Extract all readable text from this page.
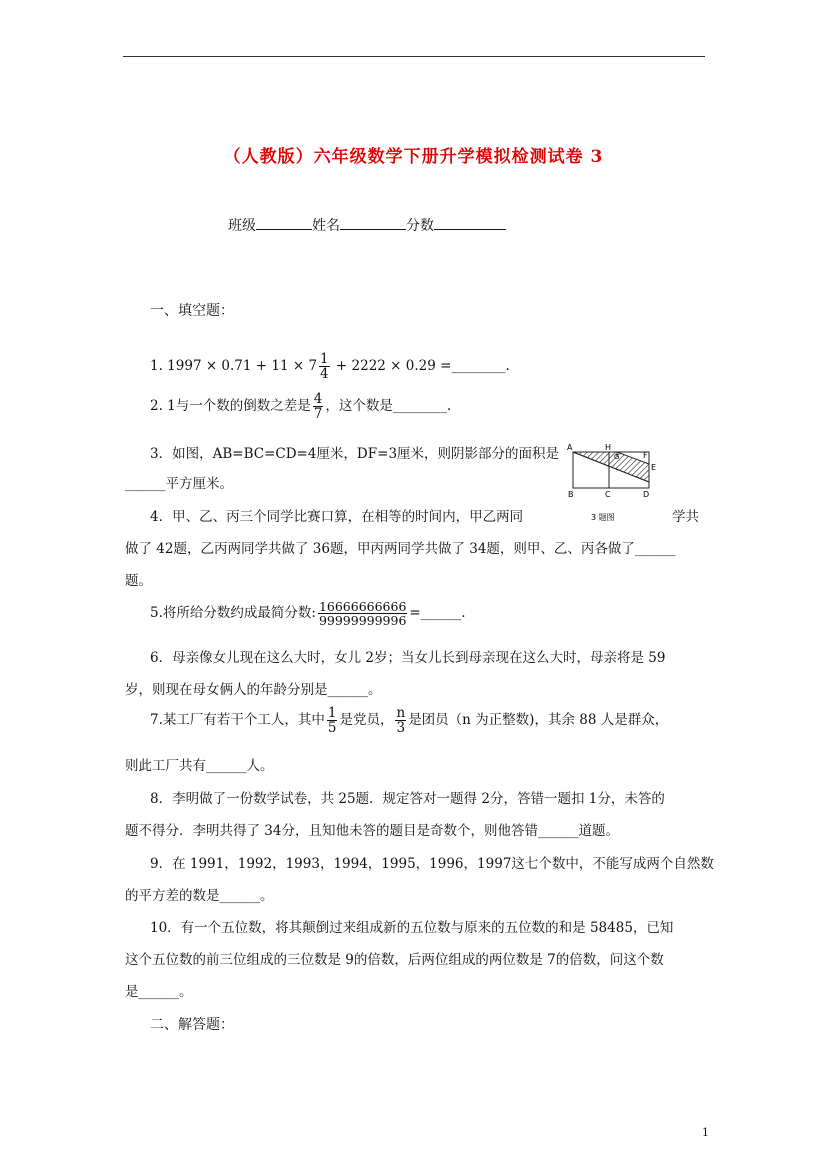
（人教版）六年级数学下册升学模拟检测试卷 3
班级	姓名	分数
一、填空题：
1. $1997 \times 0.71 + 11 \times 7 \frac{1}{4} + 2222 \times 0.29$ =________.
2. 1与一个数的倒数之差是 $\frac{4}{7}$ ，这个数是________.
3．如图，AB=BC=CD=4厘米，DF=3厘米，则阴影部分的面积是
______平方厘米。
A	H
G	F
E
B	C	D
3 题图
4．甲、乙、丙三个同学比赛口算，在相等的时间内，甲乙两同	学共
做了 42题，乙丙两同学共做了 36题，甲丙两同学共做了 34题，则甲、乙、丙各做了______
题。
5.将所给分数约成最简分数: $\frac{16666666666}{99999999996}$ =______.
6．母亲像女儿现在这么大时，女儿 2岁；当女儿长到母亲现在这么大时，母亲将是 59
岁，则现在母女俩人的年龄分别是______。
7.某工厂有若干个工人，其中 $\frac{1}{5}$ 是党员， $\frac{n}{3}$ 是团员（n 为正整数)，其余 88 人是群众，
则此工厂共有______人。
8．李明做了一份数学试卷，共 25题．规定答对一题得 2分，答错一题扣 1分，未答的
题不得分．李明共得了 34分，且知他未答的题目是奇数个，则他答错______道题。
9．在 1991，1992，1993，1994，1995，1996，1997这七个数中，不能写成两个自然数
的平方差的数是______。
10．有一个五位数，将其颠倒过来组成新的五位数与原来的五位数的和是 58485，已知
这个五位数的前三位组成的三位数是 9的倍数，后两位组成的两位数是 7的倍数，问这个数
是______。
二、解答题：
1
